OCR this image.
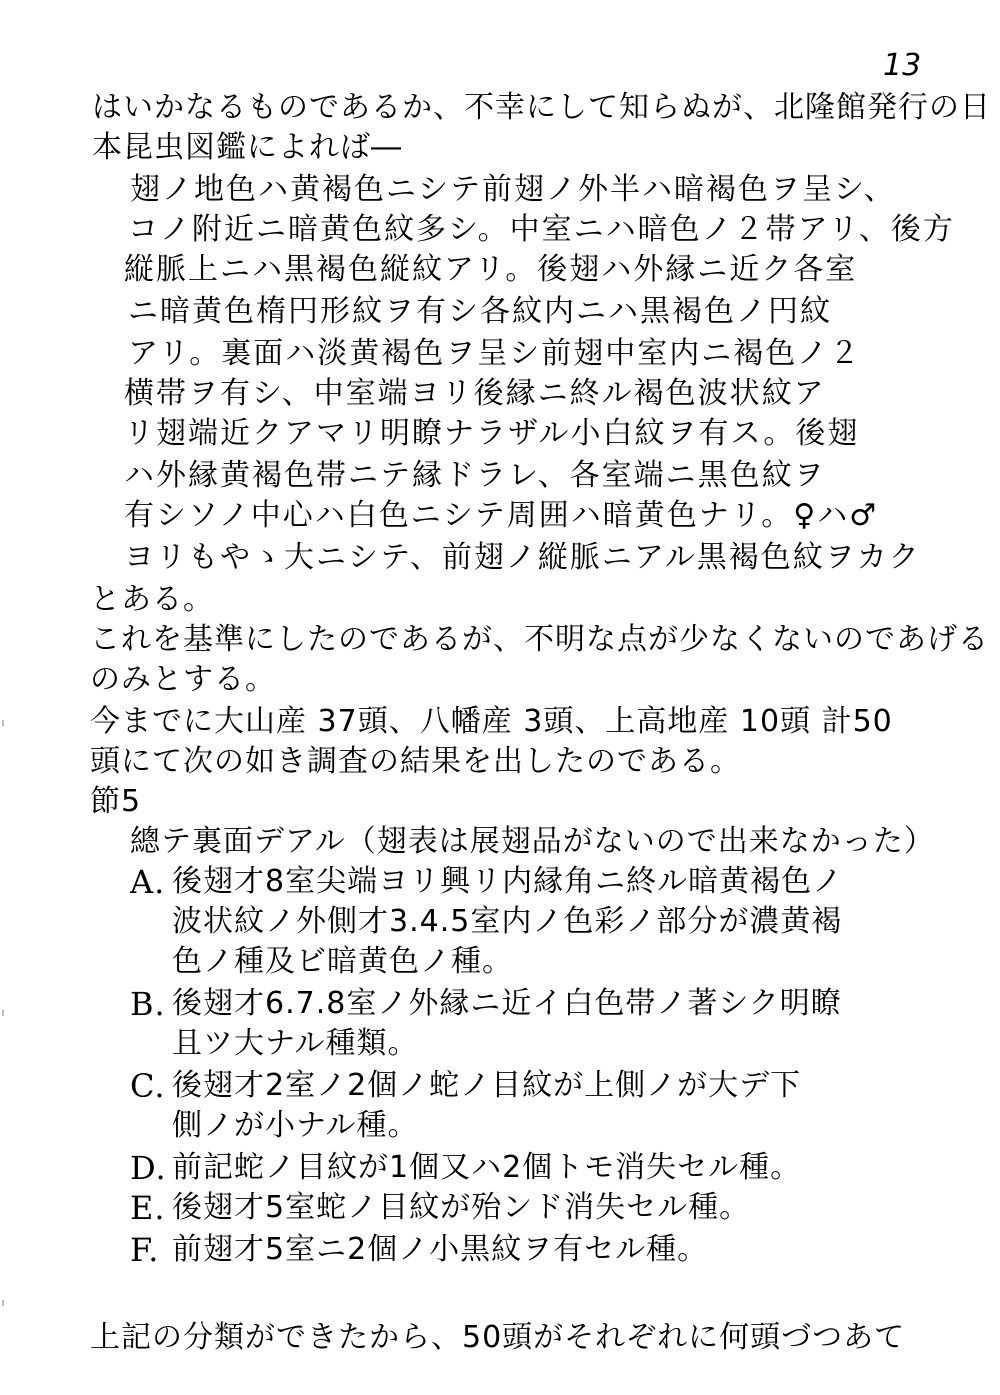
13
はいかなるものであるか、不幸にして知らぬが、北隆館発行の日
本昆虫図鑑によれば―
翅ノ地色ハ黄褐色ニシテ前翅ノ外半ハ暗褐色ヲ呈シ、
コノ附近ニ暗黄色紋多シ。中室ニハ暗色ノ２帯アリ、後方
縦脈上ニハ黒褐色縦紋アリ。後翅ハ外縁ニ近ク各室
ニ暗黄色楕円形紋ヲ有シ各紋内ニハ黒褐色ノ円紋
アリ。裏面ハ淡黄褐色ヲ呈シ前翅中室内ニ褐色ノ２
横帯ヲ有シ、中室端ヨリ後縁ニ終ル褐色波状紋ア
リ翅端近クアマリ明瞭ナラザル小白紋ヲ有ス。後翅
ハ外縁黄褐色帯ニテ縁ドラレ、各室端ニ黒色紋ヲ
有シソノ中心ハ白色ニシテ周囲ハ暗黄色ナリ。♀ハ♂
ヨリもやゝ大ニシテ、前翅ノ縦脈ニアル黒褐色紋ヲカク
とある。
これを基準にしたのであるが、不明な点が少なくないのであげる
のみとする。
今までに大山産 37頭、八幡産 3頭、上高地産 10頭 計50
頭にて次の如き調査の結果を出したのである。
節5
總テ裏面デアル（翅表は展翅品がないので出来なかった）
A. 後翅才8室尖端ヨリ興リ内縁角ニ終ル暗黄褐色ノ
波状紋ノ外側才3.4.5室内ノ色彩ノ部分が濃黄褐
色ノ種及ビ暗黄色ノ種。
B. 後翅才6.7.8室ノ外縁ニ近イ白色帯ノ著シク明瞭
且ツ大ナル種類。
C. 後翅才2室ノ2個ノ蛇ノ目紋が上側ノが大デ下
側ノが小ナル種。
D. 前記蛇ノ目紋が1個又ハ2個トモ消失セル種。
E. 後翅才5室蛇ノ目紋が殆ンド消失セル種。
F. 前翅才5室ニ2個ノ小黒紋ヲ有セル種。
上記の分類ができたから、50頭がそれぞれに何頭づつあて
